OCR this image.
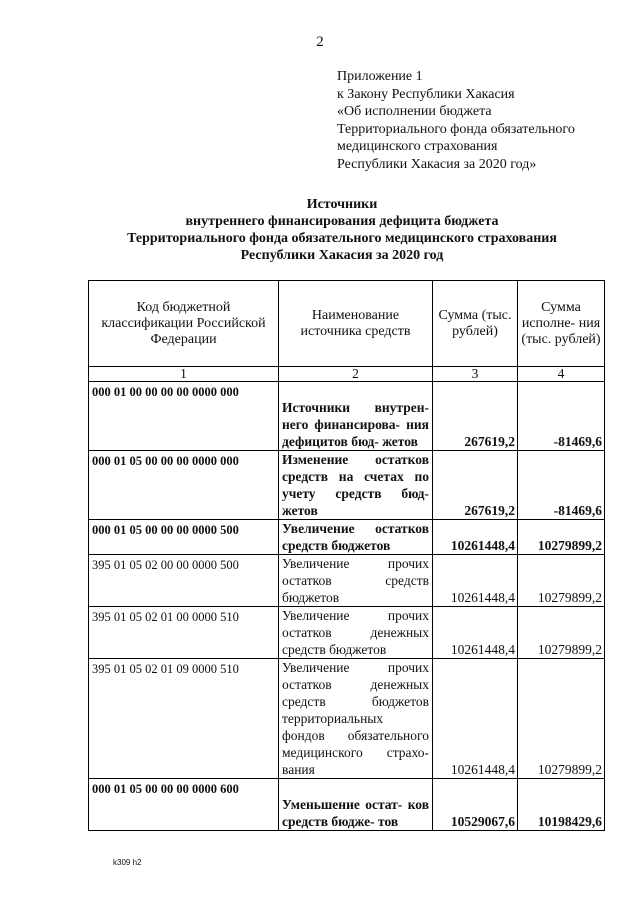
2
Приложение 1
к Закону Республики Хакасия
«Об исполнении бюджета
Территориального фонда обязательного
медицинского страхования
Республики Хакасия за 2020 год»
Источники
внутреннего финансирования дефицита бюджета
Территориального фонда обязательного медицинского страхования
Республики Хакасия за 2020 год
Код бюджетной классификации Российской Федерации	Наименование источника средств	Сумма (тыс. рублей)	Сумма исполне- ния (тыс. рублей)
1	2	3	4
000 01 00 00 00 00 0000 000	Источники внутрен- него финансирова- ния дефицитов бюд- жетов	267619,2	-81469,6
000 01 05 00 00 00 0000 000	Изменение остатков средств на счетах по учету средств бюд- жетов	267619,2	-81469,6
000 01 05 00 00 00 0000 500	Увеличение остатков средств бюджетов	10261448,4	10279899,2
395 01 05 02 00 00 0000 500	Увеличение прочих остатков средств бюджетов	10261448,4	10279899,2
395 01 05 02 01 00 0000 510	Увеличение прочих остатков денежных средств бюджетов	10261448,4	10279899,2
395 01 05 02 01 09 0000 510	Увеличение прочих остатков денежных средств бюджетов территориальных фондов обязательного медицинского страхо- вания	10261448,4	10279899,2
000 01 05 00 00 00 0000 600	Уменьшение остат- ков средств бюдже- тов	10529067,6	10198429,6
k309 h2
